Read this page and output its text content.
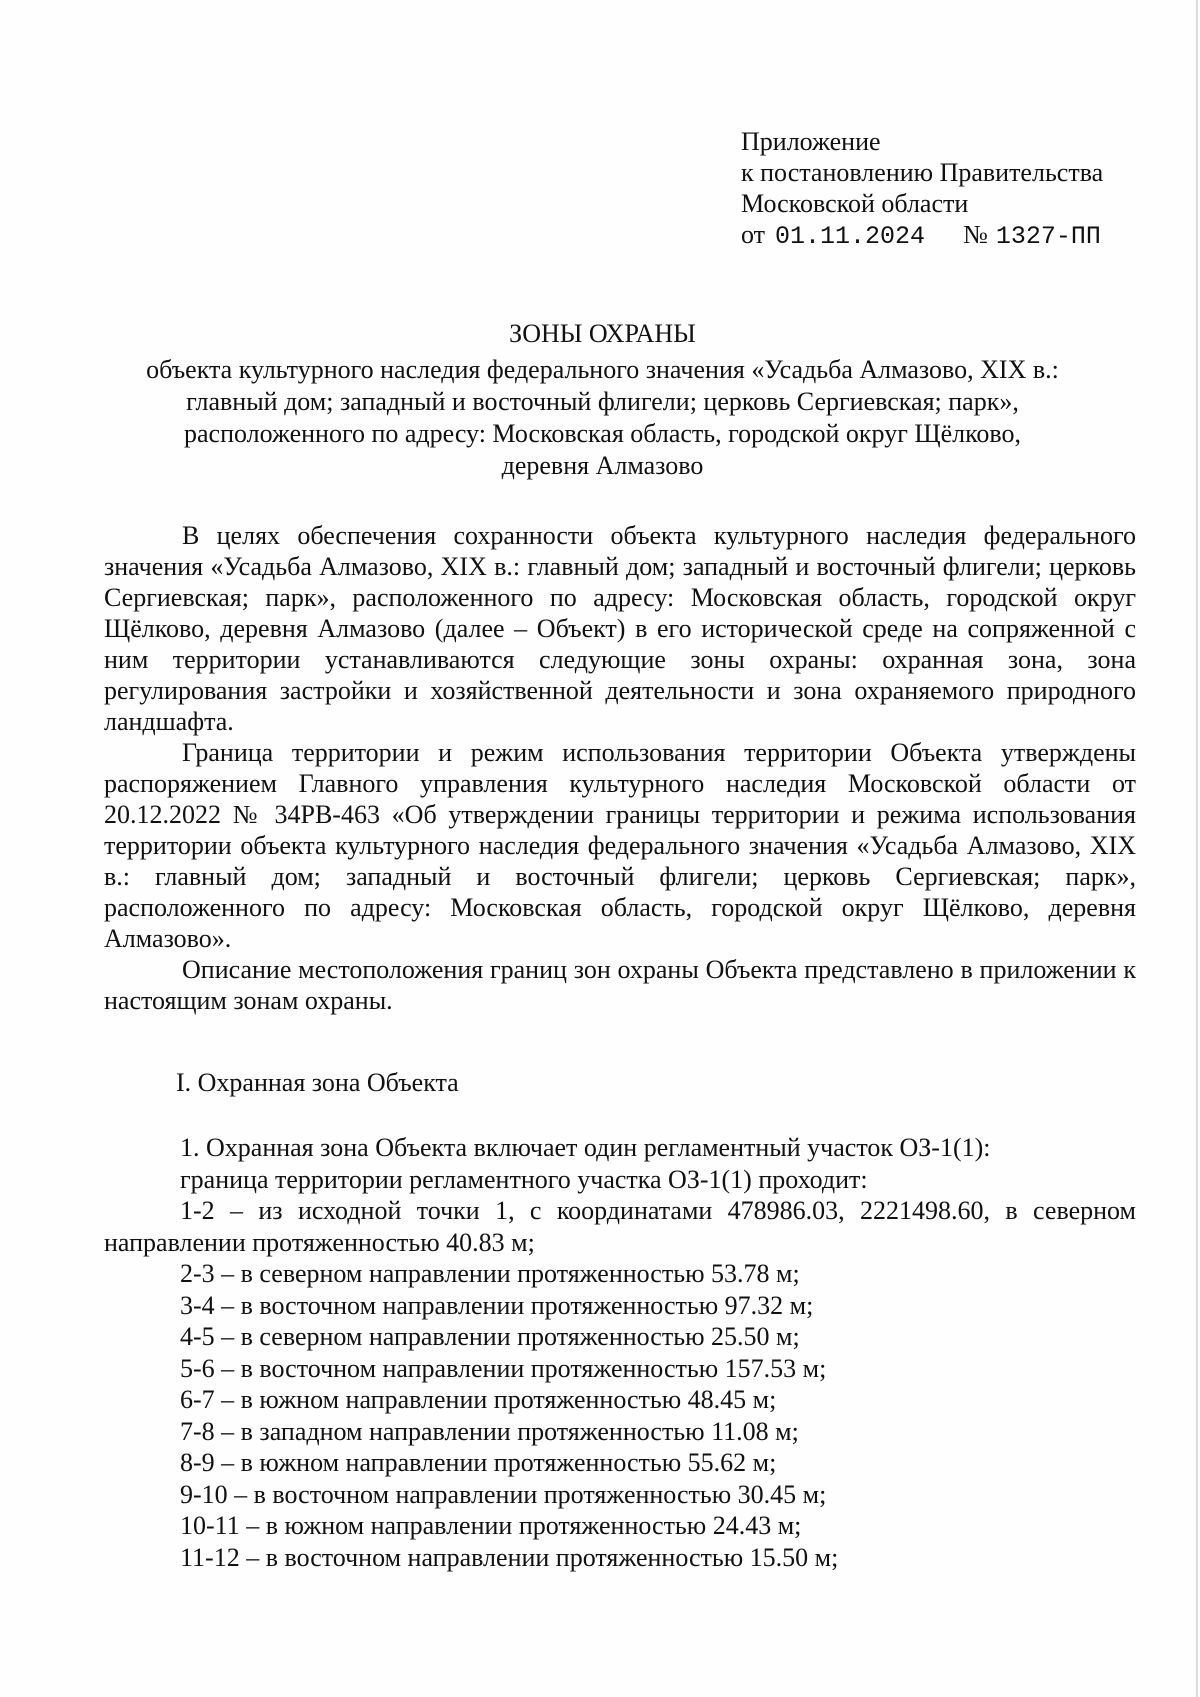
Приложение
к постановлению Правительства
Московской области
от 01.11.2024 № 1327-ПП
ЗОНЫ ОХРАНЫ

объекта культурного наследия федерального значения «Усадьба Алмазово, XIX в.:

главный дом; западный и восточный флигели; церковь Сергиевская; парк»,

расположенного по адресу: Московская область, городской округ Щёлково,

деревня Алмазово

В целях обеспечения сохранности объекта культурного наследия федерального значения «Усадьба Алмазово, XIX в.: главный дом; западный и восточный флигели; церковь Сергиевская; парк», расположенного по адресу: Московская область, городской округ Щёлково, деревня Алмазово (далее – Объект) в его исторической среде на сопряженной с ним территории устанавливаются следующие зоны охраны: охранная зона, зона регулирования застройки и хозяйственной деятельности и зона охраняемого природного ландшафта.

Граница территории и режим использования территории Объекта утверждены распоряжением Главного управления культурного наследия Московской области от 20.12.2022 № 34РВ-463 «Об утверждении границы территории и режима использования территории объекта культурного наследия федерального значения «Усадьба Алмазово, XIX в.: главный дом; западный и восточный флигели; церковь Сергиевская; парк», расположенного по адресу: Московская область, городской округ Щёлково, деревня Алмазово».

Описание местоположения границ зон охраны Объекта представлено в приложении к настоящим зонам охраны.

I. Охранная зона Объекта
1. Охранная зона Объекта включает один регламентный участок ОЗ-1(1):
граница территории регламентного участка ОЗ-1(1) проходит:
1-2 – из исходной точки 1, с координатами 478986.03, 2221498.60, в северном направлении протяженностью 40.83 м;
2-3 – в северном направлении протяженностью 53.78 м;
3-4 – в восточном направлении протяженностью 97.32 м;
4-5 – в северном направлении протяженностью 25.50 м;
5-6 – в восточном направлении протяженностью 157.53 м;
6-7 – в южном направлении протяженностью 48.45 м;
7-8 – в западном направлении протяженностью 11.08 м;
8-9 – в южном направлении протяженностью 55.62 м;
9-10 – в восточном направлении протяженностью 30.45 м;
10-11 – в южном направлении протяженностью 24.43 м;
11-12 – в восточном направлении протяженностью 15.50 м;
